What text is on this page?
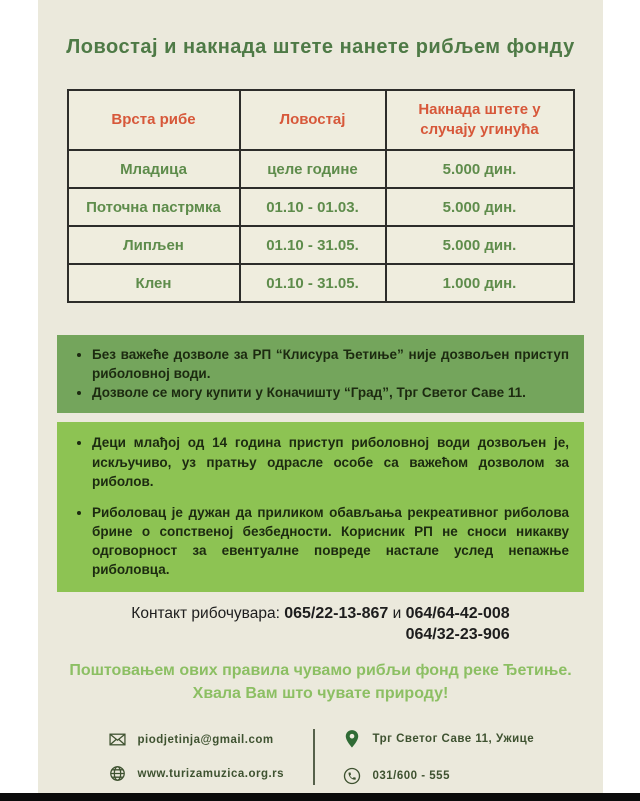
Ловостај и накнада штете нанете рибљем фонду
Врста рибе	Ловостај	Накнада штете у случају угинућа
Младица	целе године	5.000 дин.
Поточна пастрмка	01.10 - 01.03.	5.000 дин.
Липљен	01.10 - 31.05.	5.000 дин.
Клен	01.10 - 31.05.	1.000 дин.
• Без важеће дозволе за РП “Клисура Ђетиње” није дозвољен приступ риболовној води.
• Дозволе се могу купити у Коначишту “Град”, Трг Светог Саве 11.
• Деци млађој од 14 година приступ риболовној води дозвољен је, искључиво, уз пратњу одрасле особе са важећом дозволом за риболов.
• Риболовац је дужан да приликом обављања рекреативног риболова брине о сопственој безбедности. Корисник РП не сноси никакву одговорност за евентуалне повреде настале услед непажње риболовца.
Контакт рибочувара: 065/22-13-867 и 064/64-42-008
064/32-23-906
Поштовањем ових правила чувамо рибљи фонд реке Ђетиње.
Хвала Вам што чувате природу!
piodjetinja@gmail.com
www.turizamuzica.org.rs
Трг Светог Саве 11, Ужице
031/600 - 555
